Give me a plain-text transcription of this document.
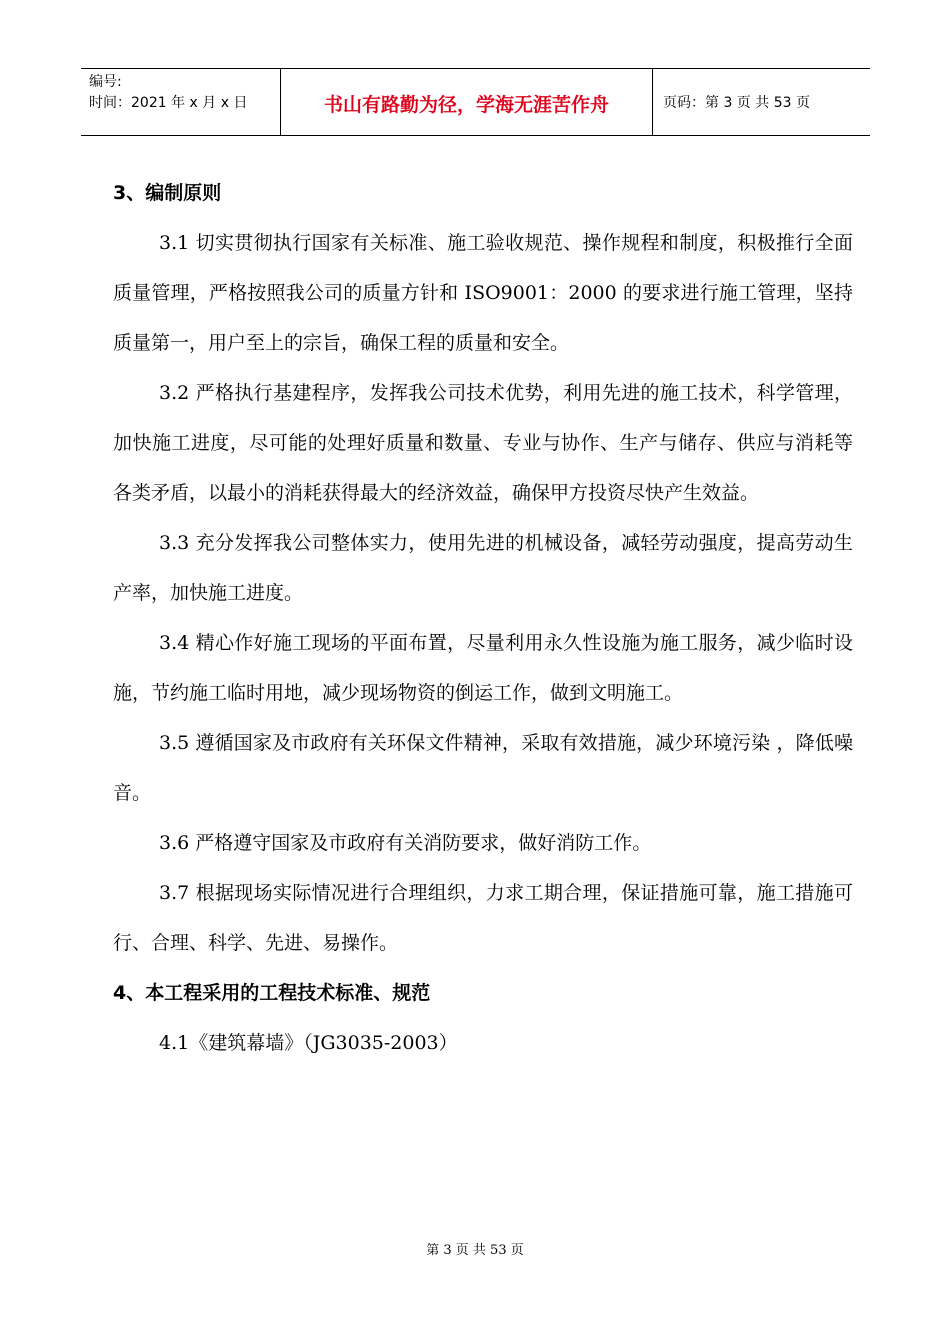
编号:
时间：2021 年 x 月 x 日	书山有路勤为径，学海无涯苦作舟	页码：第 3 页 共 53 页
3、编制原则

3.1 切实贯彻执行国家有关标准、施工验收规范、操作规程和制度，积极推行全面质量管理，严格按照我公司的质量方针和 ISO9001：2000 的要求进行施工管理，坚持质量第一，用户至上的宗旨，确保工程的质量和安全。

3.2 严格执行基建程序，发挥我公司技术优势，利用先进的施工技术，科学管理，加快施工进度，尽可能的处理好质量和数量、专业与协作、生产与储存、供应与消耗等各类矛盾，以最小的消耗获得最大的经济效益，确保甲方投资尽快产生效益。

3.3 充分发挥我公司整体实力，使用先进的机械设备，减轻劳动强度，提高劳动生产率，加快施工进度。

3.4 精心作好施工现场的平面布置，尽量利用永久性设施为施工服务，减少临时设施，节约施工临时用地，减少现场物资的倒运工作，做到文明施工。

3.5 遵循国家及市政府有关环保文件精神，采取有效措施，减少环境污染 ，降低噪音。

3.6 严格遵守国家及市政府有关消防要求，做好消防工作。

3.7 根据现场实际情况进行合理组织，力求工期合理，保证措施可靠，施工措施可行、合理、科学、先进、易操作。

4、本工程采用的工程技术标准、规范

4.1《建筑幕墙》（JG3035-2003）

第 3 页 共 53 页
